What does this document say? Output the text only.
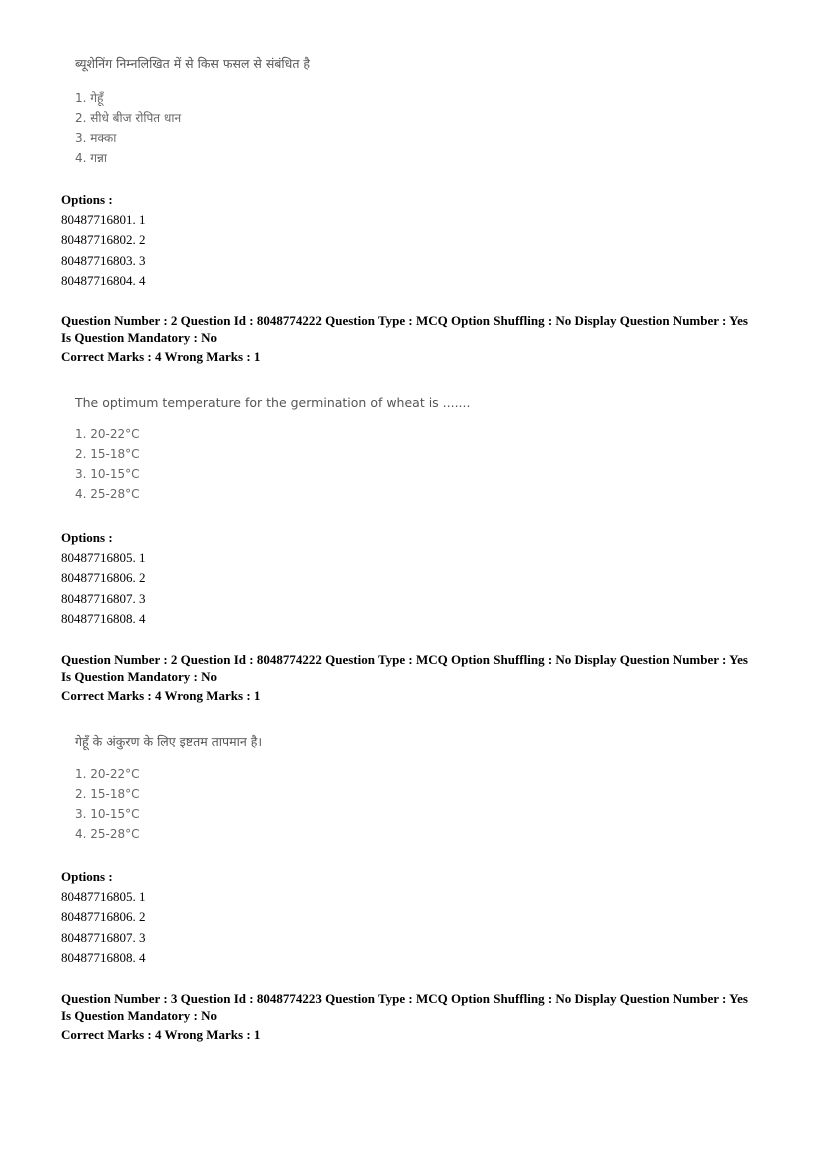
ब्यूशेनिंग निम्नलिखित में से किस फसल से संबंधित है
1. गेहूँ
2. सीधे बीज रोपित धान
3. मक्का
4. गन्ना
Options :
80487716801. 1
80487716802. 2
80487716803. 3
80487716804. 4
Question Number : 2 Question Id : 8048774222 Question Type : MCQ Option Shuffling : No Display Question Number : Yes
Is Question Mandatory : No
Correct Marks : 4 Wrong Marks : 1
The optimum temperature for the germination of wheat is .......
1. 20-22°C
2. 15-18°C
3. 10-15°C
4. 25-28°C
Options :
80487716805. 1
80487716806. 2
80487716807. 3
80487716808. 4
Question Number : 2 Question Id : 8048774222 Question Type : MCQ Option Shuffling : No Display Question Number : Yes
Is Question Mandatory : No
Correct Marks : 4 Wrong Marks : 1
गेहूँ के अंकुरण के लिए इष्टतम तापमान है।
1. 20-22°C
2. 15-18°C
3. 10-15°C
4. 25-28°C
Options :
80487716805. 1
80487716806. 2
80487716807. 3
80487716808. 4
Question Number : 3 Question Id : 8048774223 Question Type : MCQ Option Shuffling : No Display Question Number : Yes
Is Question Mandatory : No
Correct Marks : 4 Wrong Marks : 1
